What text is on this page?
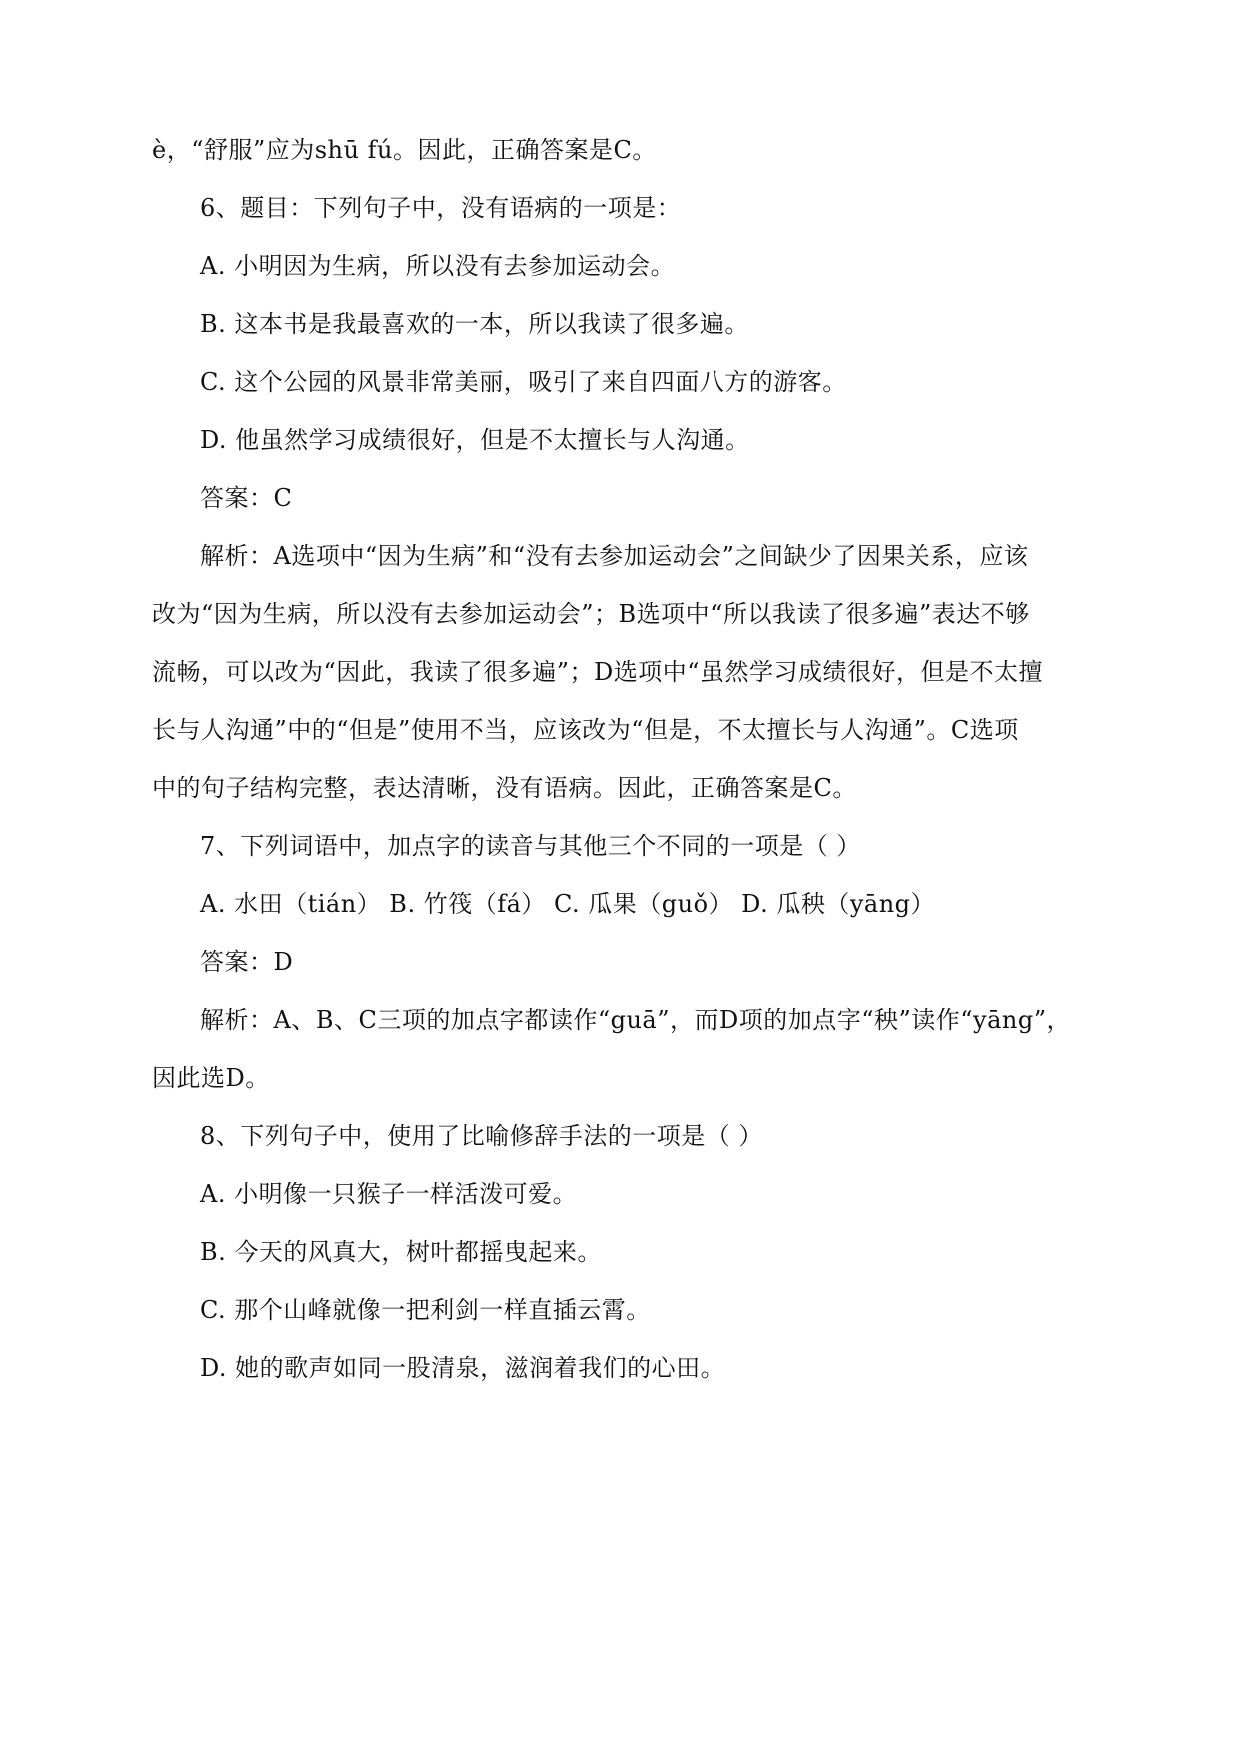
è，“舒服”应为shū fú。因此，正确答案是C。
6、题目：下列句子中，没有语病的一项是：
A. 小明因为生病，所以没有去参加运动会。
B. 这本书是我最喜欢的一本，所以我读了很多遍。
C. 这个公园的风景非常美丽，吸引了来自四面八方的游客。
D. 他虽然学习成绩很好，但是不太擅长与人沟通。
答案：C
解析：A选项中“因为生病”和“没有去参加运动会”之间缺少了因果关系，应该
改为“因为生病，所以没有去参加运动会”；B选项中“所以我读了很多遍”表达不够
流畅，可以改为“因此，我读了很多遍”；D选项中“虽然学习成绩很好，但是不太擅
长与人沟通”中的“但是”使用不当，应该改为“但是，不太擅长与人沟通”。C选项
中的句子结构完整，表达清晰，没有语病。因此，正确答案是C。
7、下列词语中，加点字的读音与其他三个不同的一项是（ ）
A. 水田（tián） B. 竹筏（fá） C. 瓜果（guǒ） D. 瓜秧（yāng）
答案：D
解析：A、B、C三项的加点字都读作“guā”，而D项的加点字“秧”读作“yāng”，
因此选D。
8、下列句子中，使用了比喻修辞手法的一项是（ ）
A. 小明像一只猴子一样活泼可爱。
B. 今天的风真大，树叶都摇曳起来。
C. 那个山峰就像一把利剑一样直插云霄。
D. 她的歌声如同一股清泉，滋润着我们的心田。
